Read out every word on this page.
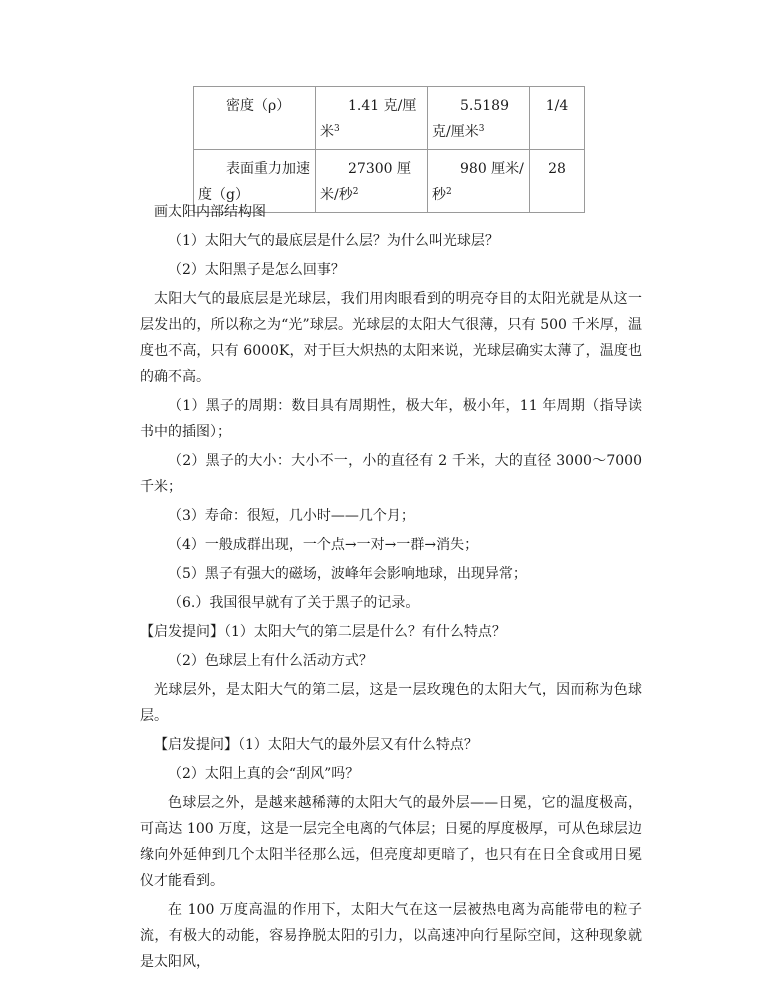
密度（ρ）	1.41 克/厘米$^3$	5.5189 克/厘米$^3$	1/4
表面重力加速度（g）	27300 厘米/秒$^2$	980 厘米/秒$^2$	28

画太阳内部结构图

（1）太阳大气的最底层是什么层？为什么叫光球层？

（2）太阳黑子是怎么回事？

太阳大气的最底层是光球层，我们用肉眼看到的明亮夺目的太阳光就是从这一层发出的，所以称之为“光”球层。光球层的太阳大气很薄，只有 500 千米厚，温度也不高，只有 6000K，对于巨大炽热的太阳来说，光球层确实太薄了，温度也的确不高。

（1）黑子的周期：数目具有周期性，极大年，极小年，11 年周期（指导读书中的插图）；

（2）黑子的大小：大小不一，小的直径有 2 千米，大的直径 3000～7000 千米；

（3）寿命：很短，几小时——几个月；

（4）一般成群出现，一个点→一对→一群→消失；

（5）黑子有强大的磁场，波峰年会影响地球，出现异常；

（6.）我国很早就有了关于黑子的记录。

【启发提问】（1）太阳大气的第二层是什么？有什么特点？

（2）色球层上有什么活动方式？

光球层外，是太阳大气的第二层，这是一层玫瑰色的太阳大气，因而称为色球层。

【启发提问】（1）太阳大气的最外层又有什么特点？

（2）太阳上真的会“刮风”吗？

色球层之外，是越来越稀薄的太阳大气的最外层——日冕，它的温度极高，可高达 100 万度，这是一层完全电离的气体层；日冕的厚度极厚，可从色球层边缘向外延伸到几个太阳半径那么远，但亮度却更暗了，也只有在日全食或用日冕仪才能看到。

在 100 万度高温的作用下，太阳大气在这一层被热电离为高能带电的粒子流，有极大的动能，容易挣脱太阳的引力，以高速冲向行星际空间，这种现象就是太阳风，
